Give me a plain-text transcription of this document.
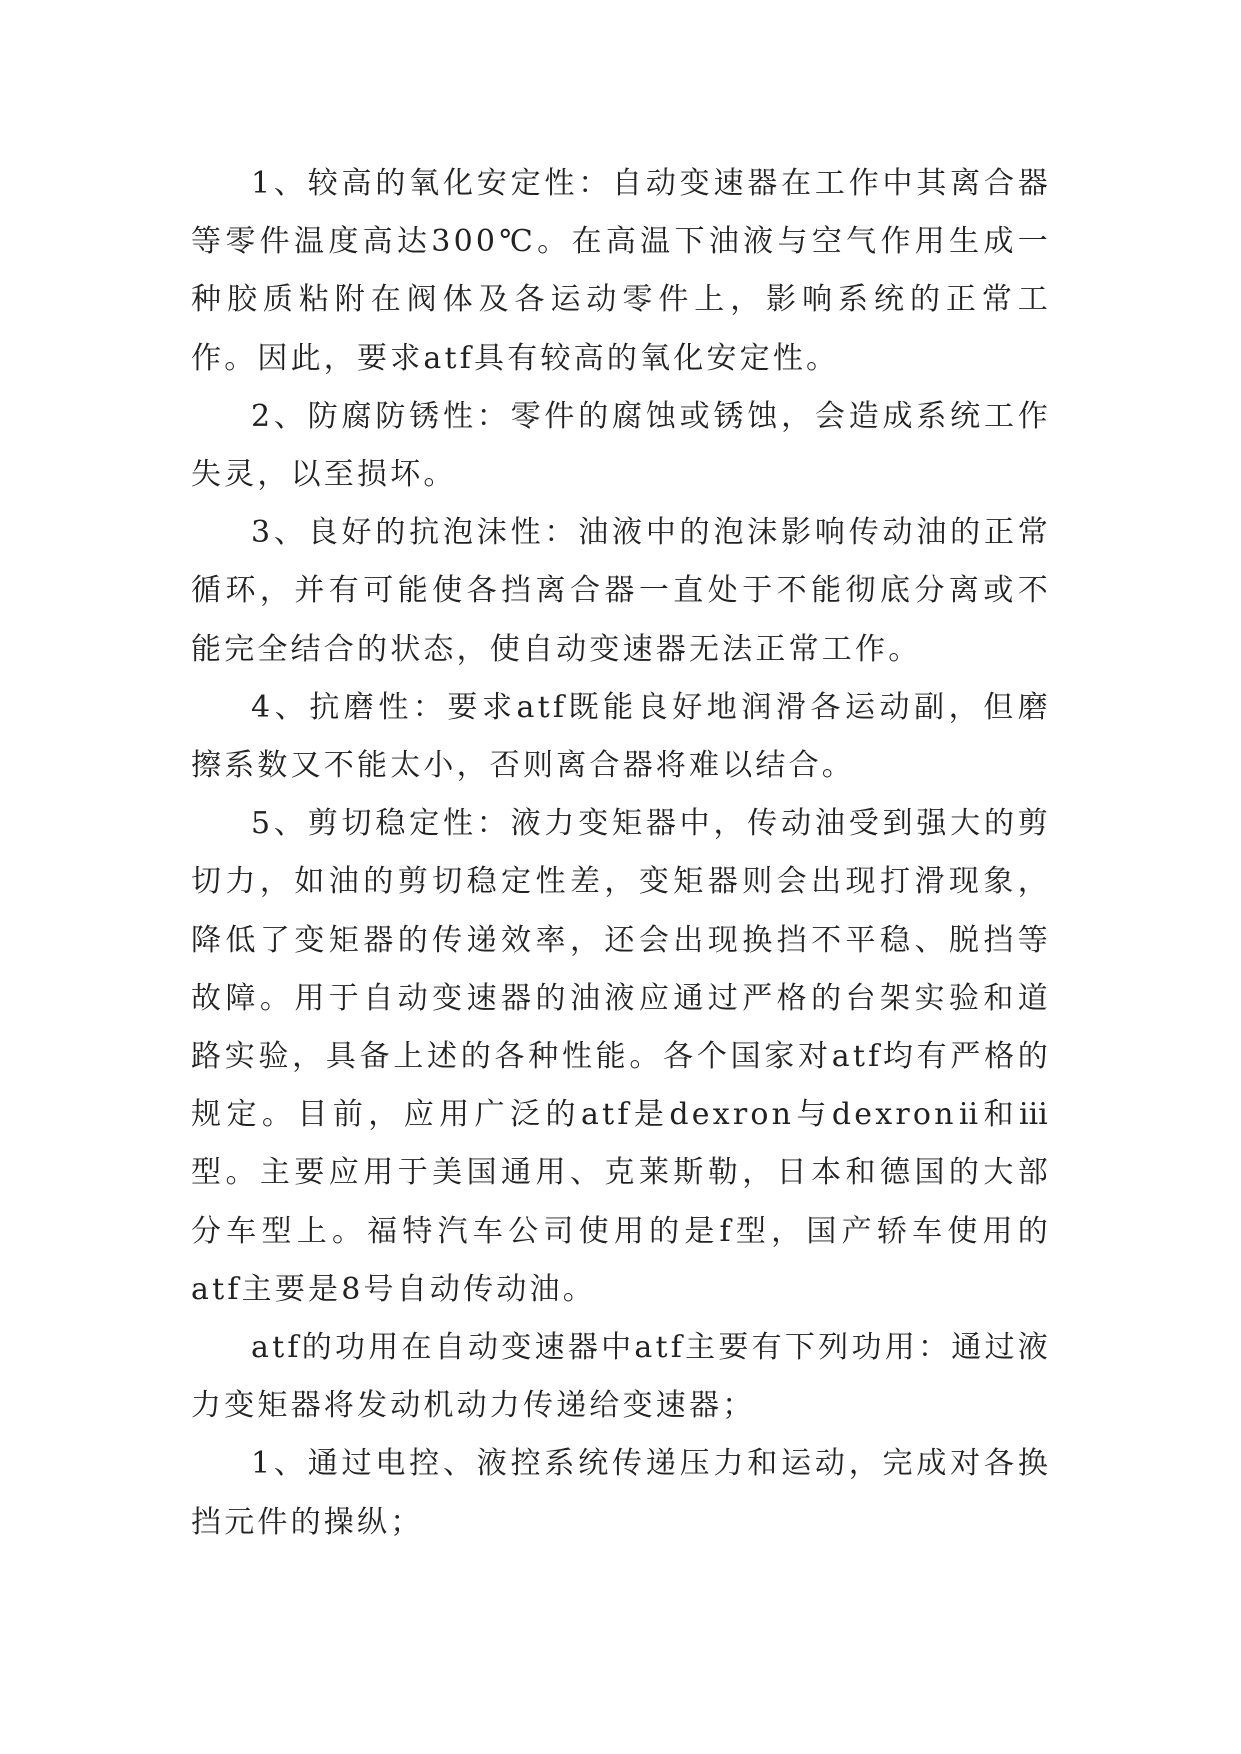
1、较高的氧化安定性：自动变速器在工作中其离合器等零件温度高达300℃。在高温下油液与空气作用生成一种胶质粘附在阀体及各运动零件上，影响系统的正常工作。因此，要求atf具有较高的氧化安定性。

2、防腐防锈性：零件的腐蚀或锈蚀，会造成系统工作失灵，以至损坏。

3、良好的抗泡沫性：油液中的泡沫影响传动油的正常循环，并有可能使各挡离合器一直处于不能彻底分离或不能完全结合的状态，使自动变速器无法正常工作。

4、抗磨性：要求atf既能良好地润滑各运动副，但磨擦系数又不能太小，否则离合器将难以结合。

5、剪切稳定性：液力变矩器中，传动油受到强大的剪切力，如油的剪切稳定性差，变矩器则会出现打滑现象，降低了变矩器的传递效率，还会出现换挡不平稳、脱挡等故障。用于自动变速器的油液应通过严格的台架实验和道路实验，具备上述的各种性能。各个国家对atf均有严格的规定。目前，应用广泛的atf是dexron与dexronⅱ和ⅲ型。主要应用于美国通用、克莱斯勒，日本和德国的大部分车型上。福特汽车公司使用的是f型，国产轿车使用的atf主要是8号自动传动油。

atf的功用在自动变速器中atf主要有下列功用：通过液力变矩器将发动机动力传递给变速器；

1、通过电控、液控系统传递压力和运动，完成对各换挡元件的操纵；
